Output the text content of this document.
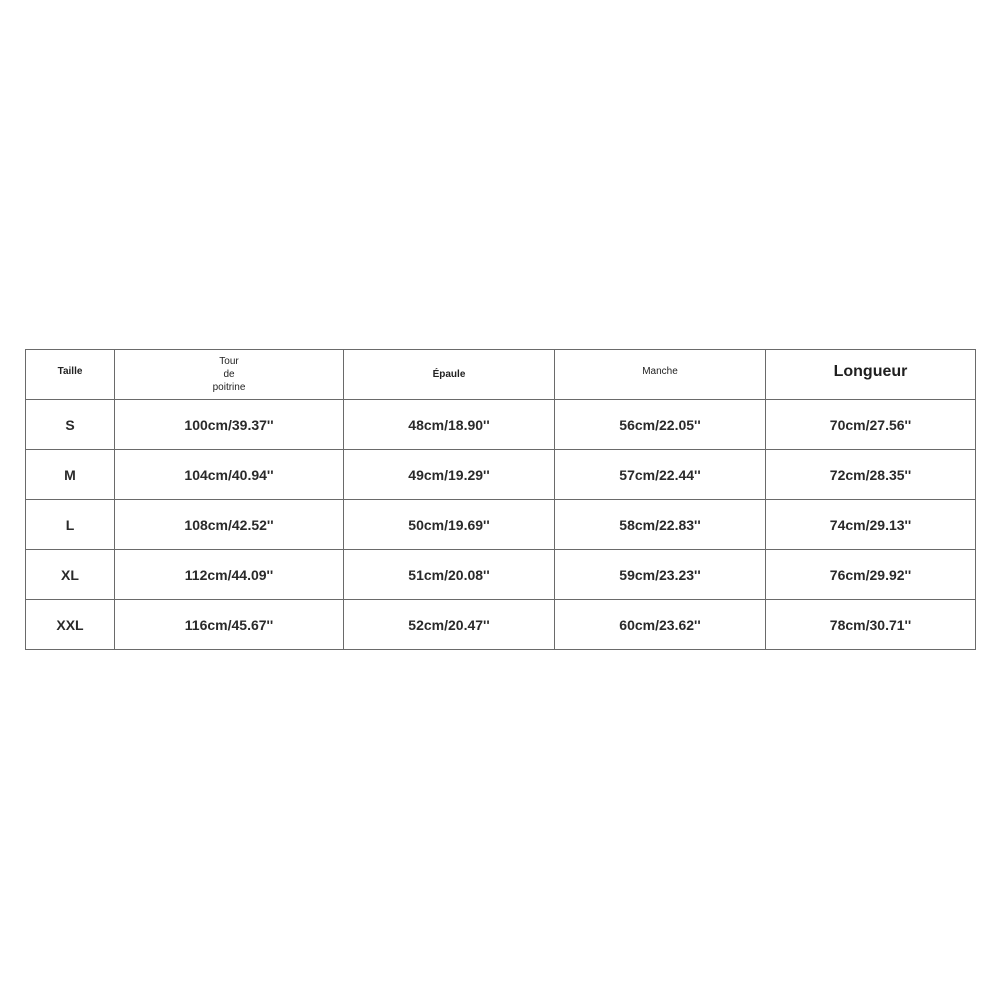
Taille	Tour
de
poitrine	Épaule	Manche	Longueur

S	100cm/39.37''	48cm/18.90''	56cm/22.05''	70cm/27.56''
M	104cm/40.94''	49cm/19.29''	57cm/22.44''	72cm/28.35''
L	108cm/42.52''	50cm/19.69''	58cm/22.83''	74cm/29.13''
XL	112cm/44.09''	51cm/20.08''	59cm/23.23''	76cm/29.92''
XXL	116cm/45.67''	52cm/20.47''	60cm/23.62''	78cm/30.71''
